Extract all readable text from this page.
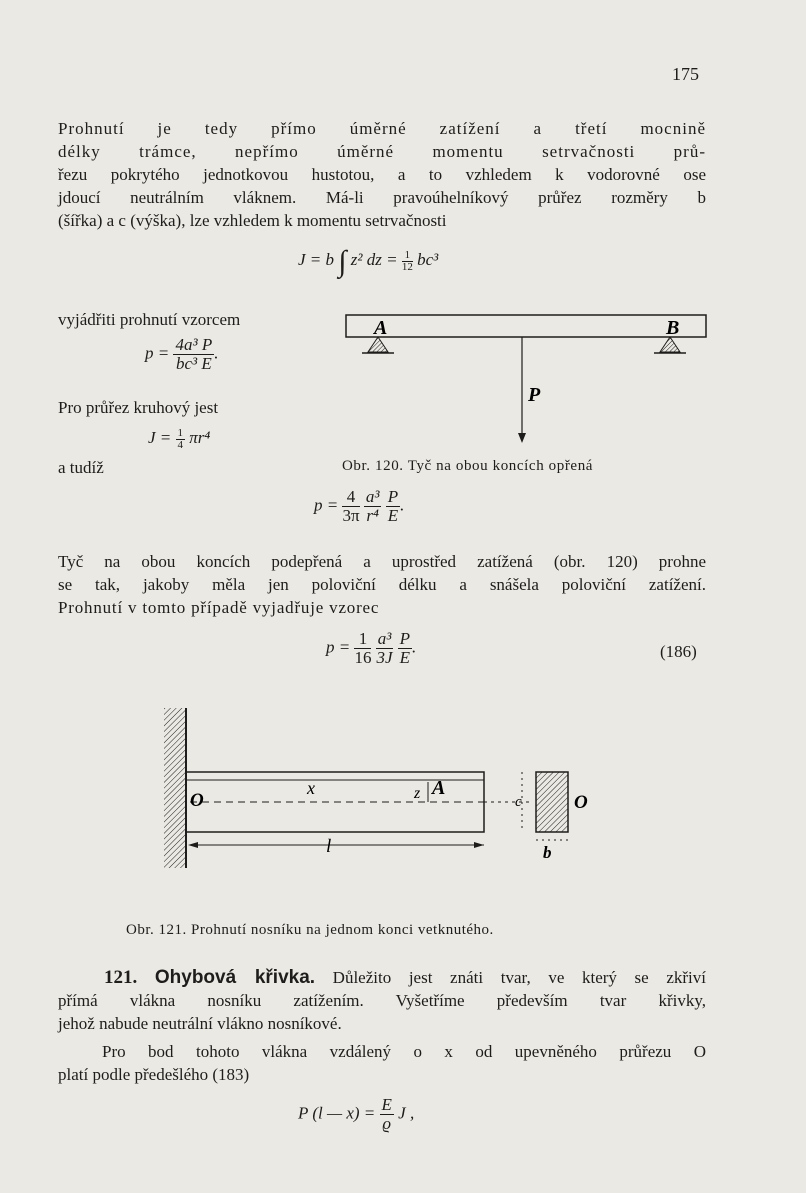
175
Prohnutí je tedy přímo úměrné zatížení a třetí mocnině
délky trámce, nepřímo úměrné momentu setrvačnosti prů-
řezu pokrytého jednotkovou hustotou, a to vzhledem k vodorovné ose
jdoucí neutrálním vláknem. Má-li pravoúhelníkový průřez rozměry b
(šířka) a c (výška), lze vzhledem k momentu setrvačnosti
J = b ∫ z² dz = $\frac{1}{12} bc^3$
vyjádřiti prohnutí vzorcem
$p = \frac{\text{4a³ P}}{\text{bc³ E}}$ .
Pro průřez kruhový jest
$J = \frac{1}{4} \pi r^4$
a tudíž
A	B
P
Obr. 120. Tyč na obou koncích opřená
$p = \frac{4}{3\pi}$
$\frac{\text{a³}}{\text{r⁴}}$
$\frac{P}{E}$ .
Tyč na obou koncích podepřená a uprostřed zatížená (obr. 120) prohne
se tak, jakoby měla jen poloviční délku a snášela poloviční zatížení.
Prohnutí v tomto případě vyjadřuje vzorec
$p = \frac{1}{16}$
$\frac{\text{a³}}{3J}$
$\frac{P}{E}$ .	(186)
O
x	z A
l
c
b
O
Obr. 121. Prohnutí nosníku na jednom konci vetknutého.
121. Ohybová křivka. Důležito jest znáti tvar, ve který se zkřiví
přímá vlákna nosníku zatížením. Vyšetříme především tvar křivky,
jehož nabude neutrální vlákno nosníkové.
Pro bod tohoto vlákna vzdálený o x od upevněného průřezu O
platí podle předešlého (183)
P (l — $x) = \frac{E}{ϱ}$ J ,
